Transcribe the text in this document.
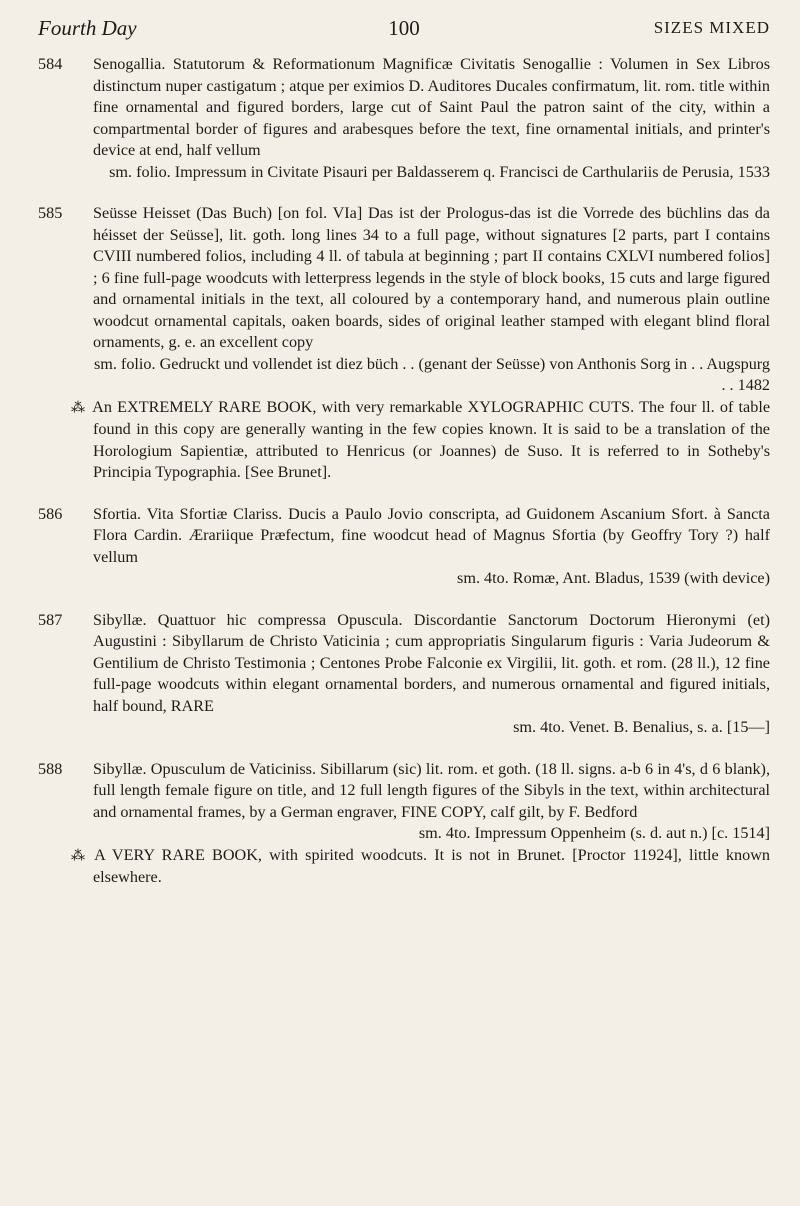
Fourth Day	100	SIZES MIXED
584	Senogallia. Statutorum & Reformationum Magnificæ Civitatis Senogallie : Volumen in Sex Libros distinctum nuper castigatum ; atque per eximios D. Auditores Ducales confirmatum, lit. rom. title within fine ornamental and figured borders, large cut of Saint Paul the patron saint of the city, within a compartmental border of figures and arabesques before the text, fine ornamental initials, and printer's device at end, half vellum

sm. folio. Impressum in Civitate Pisauri per Baldasserem q. Francisci de Carthulariis de Perusia, 1533

585	Seüsse Heisset (Das Buch) [on fol. VIa] Das ist der Prologus-das ist die Vorrede des büchlins das da héisset der Seüsse], lit. goth. long lines 34 to a full page, without signatures [2 parts, part I contains CVIII numbered folios, including 4 ll. of tabula at beginning ; part II contains CXLVI numbered folios] ; 6 fine full-page woodcuts with letterpress legends in the style of block books, 15 cuts and large figured and ornamental initials in the text, all coloured by a contemporary hand, and numerous plain outline woodcut ornamental capitals, oaken boards, sides of original leather stamped with elegant blind floral ornaments, g. e. an excellent copy

sm. folio. Gedruckt und vollendet ist diez büch . . (genant der Seüsse) von Anthonis Sorg in . . Augspurg . . 1482

⁂ An EXTREMELY RARE BOOK, with very remarkable XYLOGRAPHIC CUTS. The four ll. of table found in this copy are generally wanting in the few copies known. It is said to be a translation of the Horologium Sapientiæ, attributed to Henricus (or Joannes) de Suso. It is referred to in Sotheby's Principia Typographia. [See Brunet].

586	Sfortia. Vita Sfortiæ Clariss. Ducis a Paulo Jovio conscripta, ad Guidonem Ascanium Sfort. à Sancta Flora Cardin. Ærariique Præfectum, fine woodcut head of Magnus Sfortia (by Geoffry Tory ?) half vellum

sm. 4to. Romæ, Ant. Bladus, 1539 (with device)

587	Sibyllæ. Quattuor hic compressa Opuscula. Discordantie Sanctorum Doctorum Hieronymi (et) Augustini : Sibyllarum de Christo Vaticinia ; cum appropriatis Singularum figuris : Varia Judeorum & Gentilium de Christo Testimonia ; Centones Probe Falconie ex Virgilii, lit. goth. et rom. (28 ll.), 12 fine full-page woodcuts within elegant ornamental borders, and numerous ornamental and figured initials, half bound, RARE

sm. 4to. Venet. B. Benalius, s. a. [15—]

588	Sibyllæ. Opusculum de Vaticiniss. Sibillarum (sic) lit. rom. et goth. (18 ll. signs. a-b 6 in 4's, d 6 blank), full length female figure on title, and 12 full length figures of the Sibyls in the text, within architectural and ornamental frames, by a German engraver, FINE COPY, calf gilt, by F. Bedford

sm. 4to. Impressum Oppenheim (s. d. aut n.) [c. 1514]

⁂ A VERY RARE BOOK, with spirited woodcuts. It is not in Brunet. [Proctor 11924], little known elsewhere.
